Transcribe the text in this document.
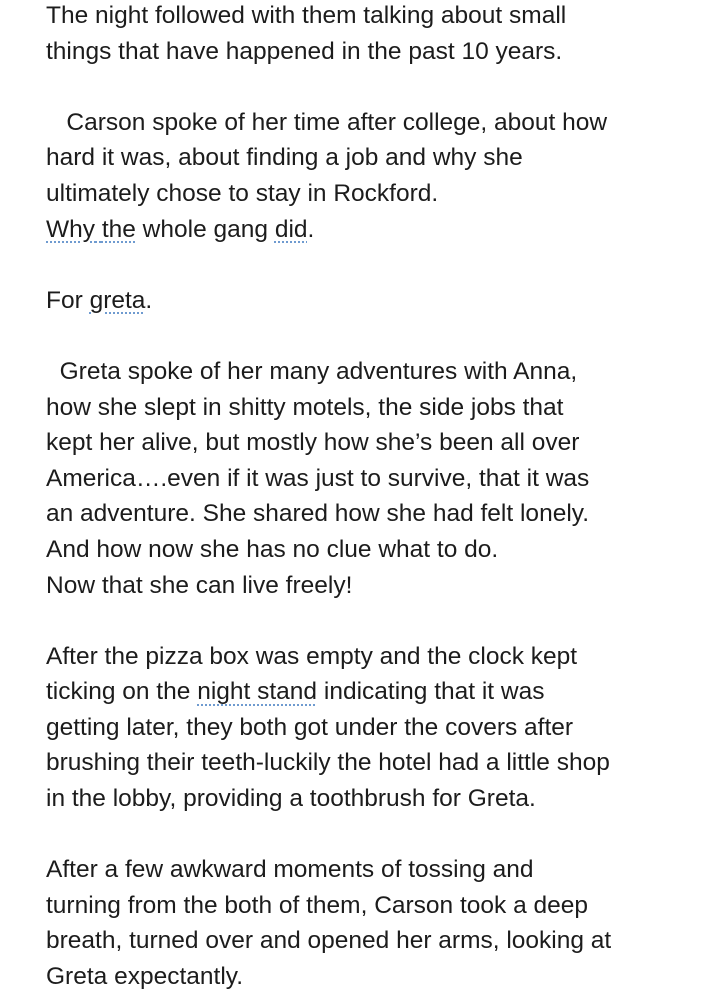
The night followed with them talking about small
things that have happened in the past 10 years.
Carson spoke of her time after college, about how
hard it was, about finding a job and why she
ultimately chose to stay in Rockford.
Why the whole gang did.
For greta.
Greta spoke of her many adventures with Anna,
how she slept in shitty motels, the side jobs that
kept her alive, but mostly how she’s been all over
America….even if it was just to survive, that it was
an adventure. She shared how she had felt lonely.
And how now she has no clue what to do.
Now that she can live freely!
After the pizza box was empty and the clock kept
ticking on the night stand indicating that it was
getting later, they both got under the covers after
brushing their teeth-luckily the hotel had a little shop
in the lobby, providing a toothbrush for Greta.
After a few awkward moments of tossing and
turning from the both of them, Carson took a deep
breath, turned over and opened her arms, looking at
Greta expectantly.
